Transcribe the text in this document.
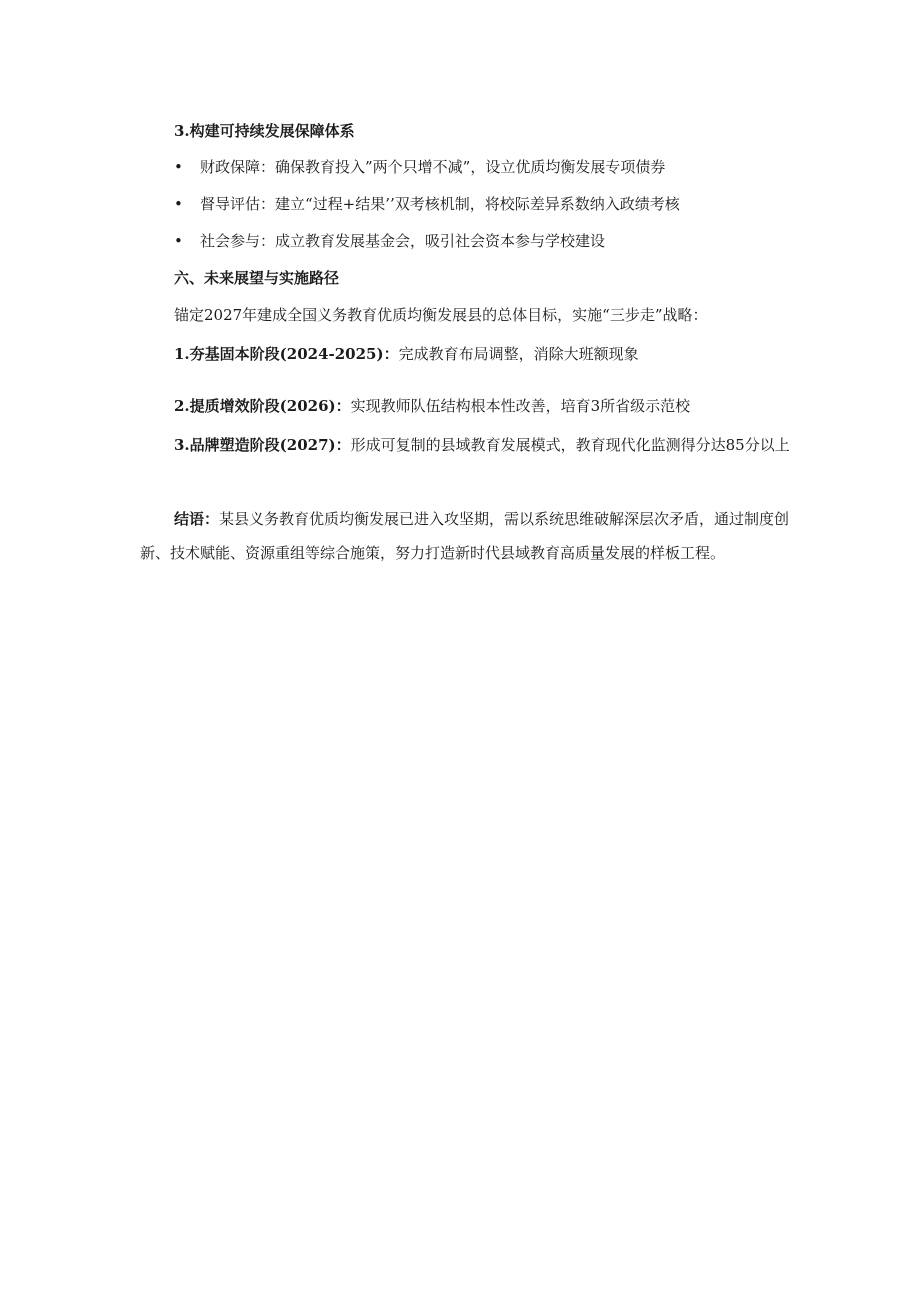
3.构建可持续发展保障体系
• 财政保障：确保教育投入”两个只增不减”，设立优质均衡发展专项债券
• 督导评估：建立“过程+结果’’双考核机制，将校际差异系数纳入政绩考核
• 社会参与：成立教育发展基金会，吸引社会资本参与学校建设
六、未来展望与实施路径
锚定2027年建成全国义务教育优质均衡发展县的总体目标，实施“三步走”战略：
1.夯基固本阶段(2024-2025)：完成教育布局调整，消除大班额现象
2.提质增效阶段(2026)：实现教师队伍结构根本性改善，培育3所省级示范校
3.品牌塑造阶段(2027)：形成可复制的县域教育发展模式，教育现代化监测得分达85分以上
结语：某县义务教育优质均衡发展已进入攻坚期，需以系统思维破解深层次矛盾，通过制度创新、技术赋能、资源重组等综合施策，努力打造新时代县域教育高质量发展的样板工程。
